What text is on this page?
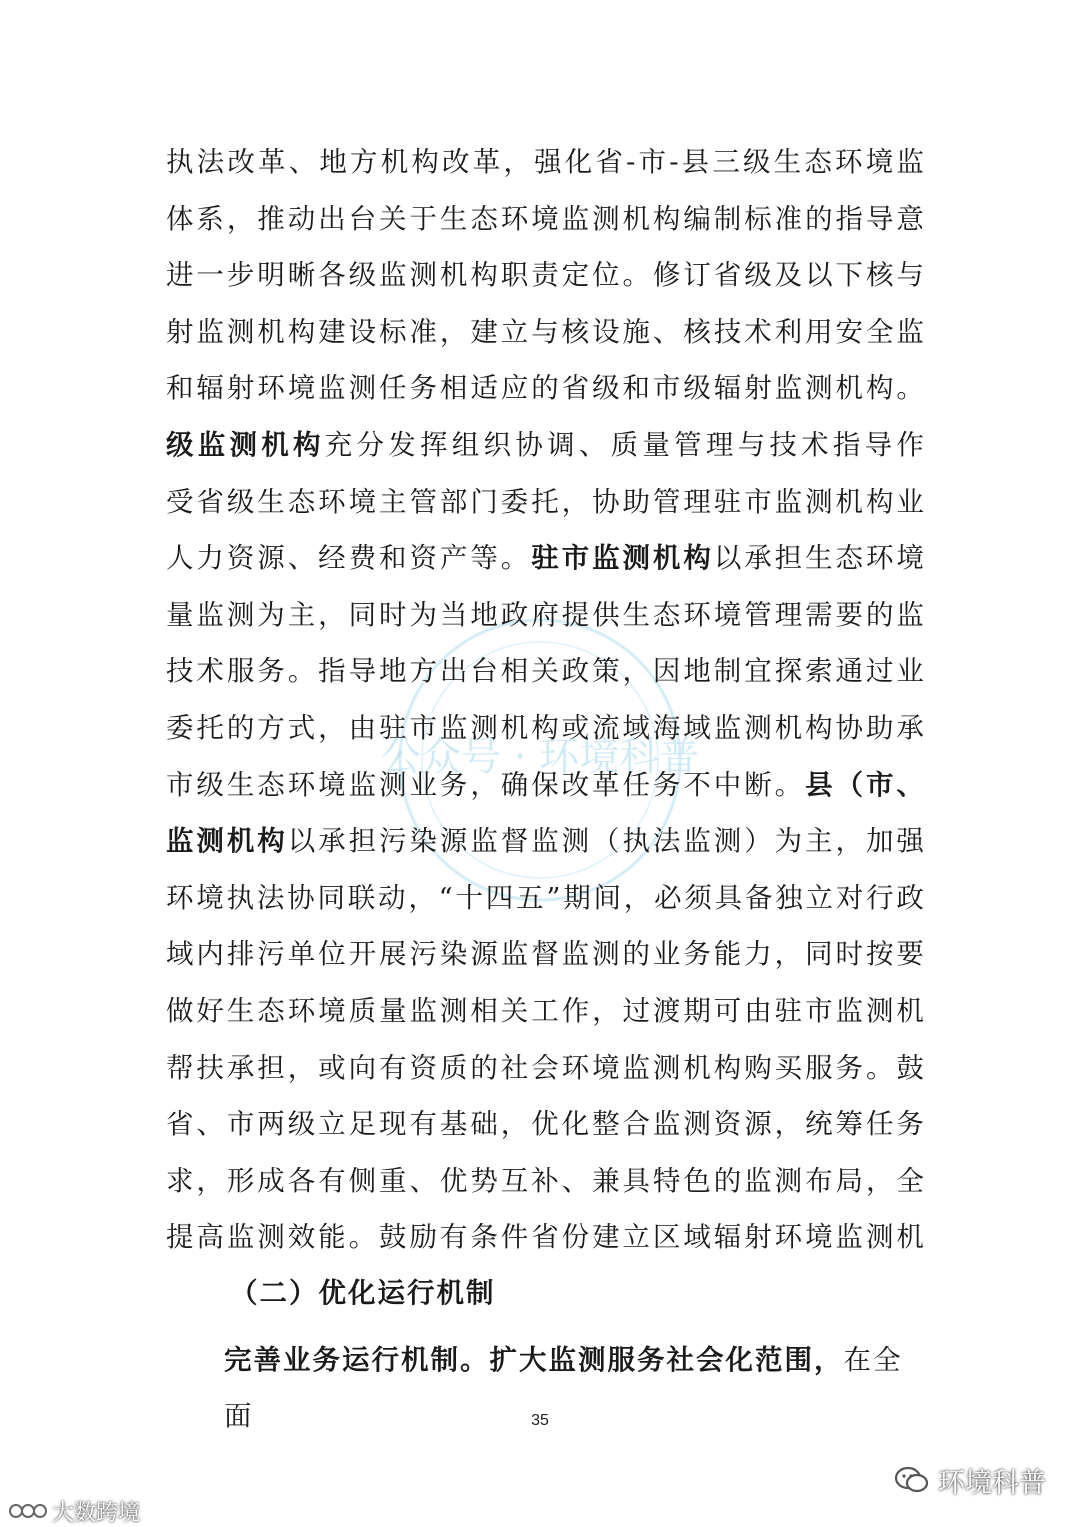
公众号 · 环境科普
执法改革、地方机构改革，强化省-市-县三级生态环境监
体系，推动出台关于生态环境监测机构编制标准的指导意
进一步明晰各级监测机构职责定位。修订省级及以下核与
射监测机构建设标准，建立与核设施、核技术利用安全监
和辐射环境监测任务相适应的省级和市级辐射监测机构。
级监测机构充分发挥组织协调、质量管理与技术指导作
受省级生态环境主管部门委托，协助管理驻市监测机构业
人力资源、经费和资产等。驻市监测机构以承担生态环境
量监测为主，同时为当地政府提供生态环境管理需要的监
技术服务。指导地方出台相关政策，因地制宜探索通过业
委托的方式，由驻市监测机构或流域海域监测机构协助承
市级生态环境监测业务，确保改革任务不中断。县（市、
监测机构以承担污染源监督监测（执法监测）为主，加强
环境执法协同联动，“十四五”期间，必须具备独立对行政
域内排污单位开展污染源监督监测的业务能力，同时按要
做好生态环境质量监测相关工作，过渡期可由驻市监测机
帮扶承担，或向有资质的社会环境监测机构购买服务。鼓
省、市两级立足现有基础，优化整合监测资源，统筹任务
求，形成各有侧重、优势互补、兼具特色的监测布局，全
提高监测效能。鼓励有条件省份建立区域辐射环境监测机
（二）优化运行机制
完善业务运行机制。扩大监测服务社会化范围，在全面	35
环境科普
大数跨境
